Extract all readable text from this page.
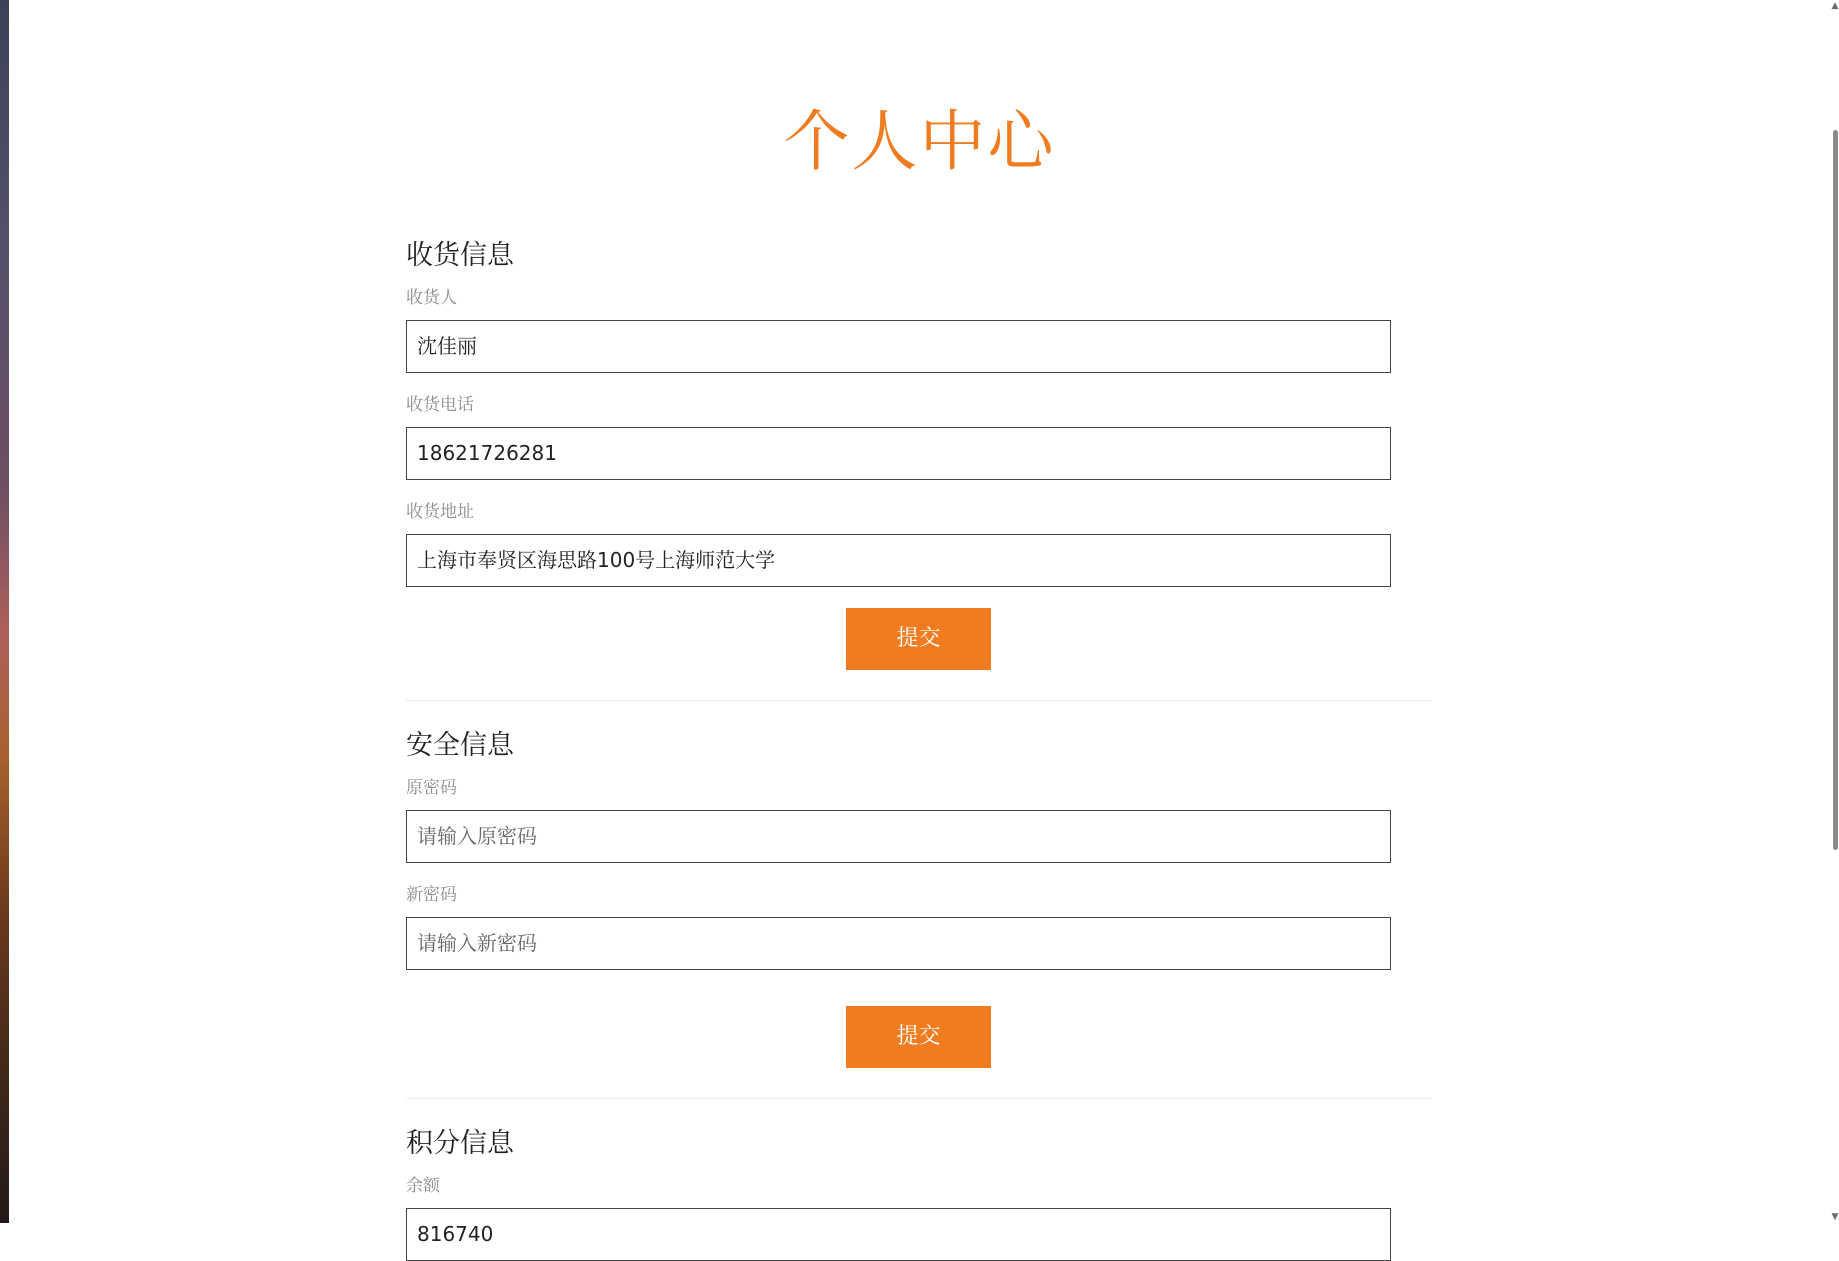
个人中心
收货信息
收货人
沈佳丽
收货电话
18621726281
收货地址
上海市奉贤区海思路100号上海师范大学
提交
安全信息
原密码
请输入原密码
新密码
请输入新密码
提交
积分信息
余额
816740
▲
▼
